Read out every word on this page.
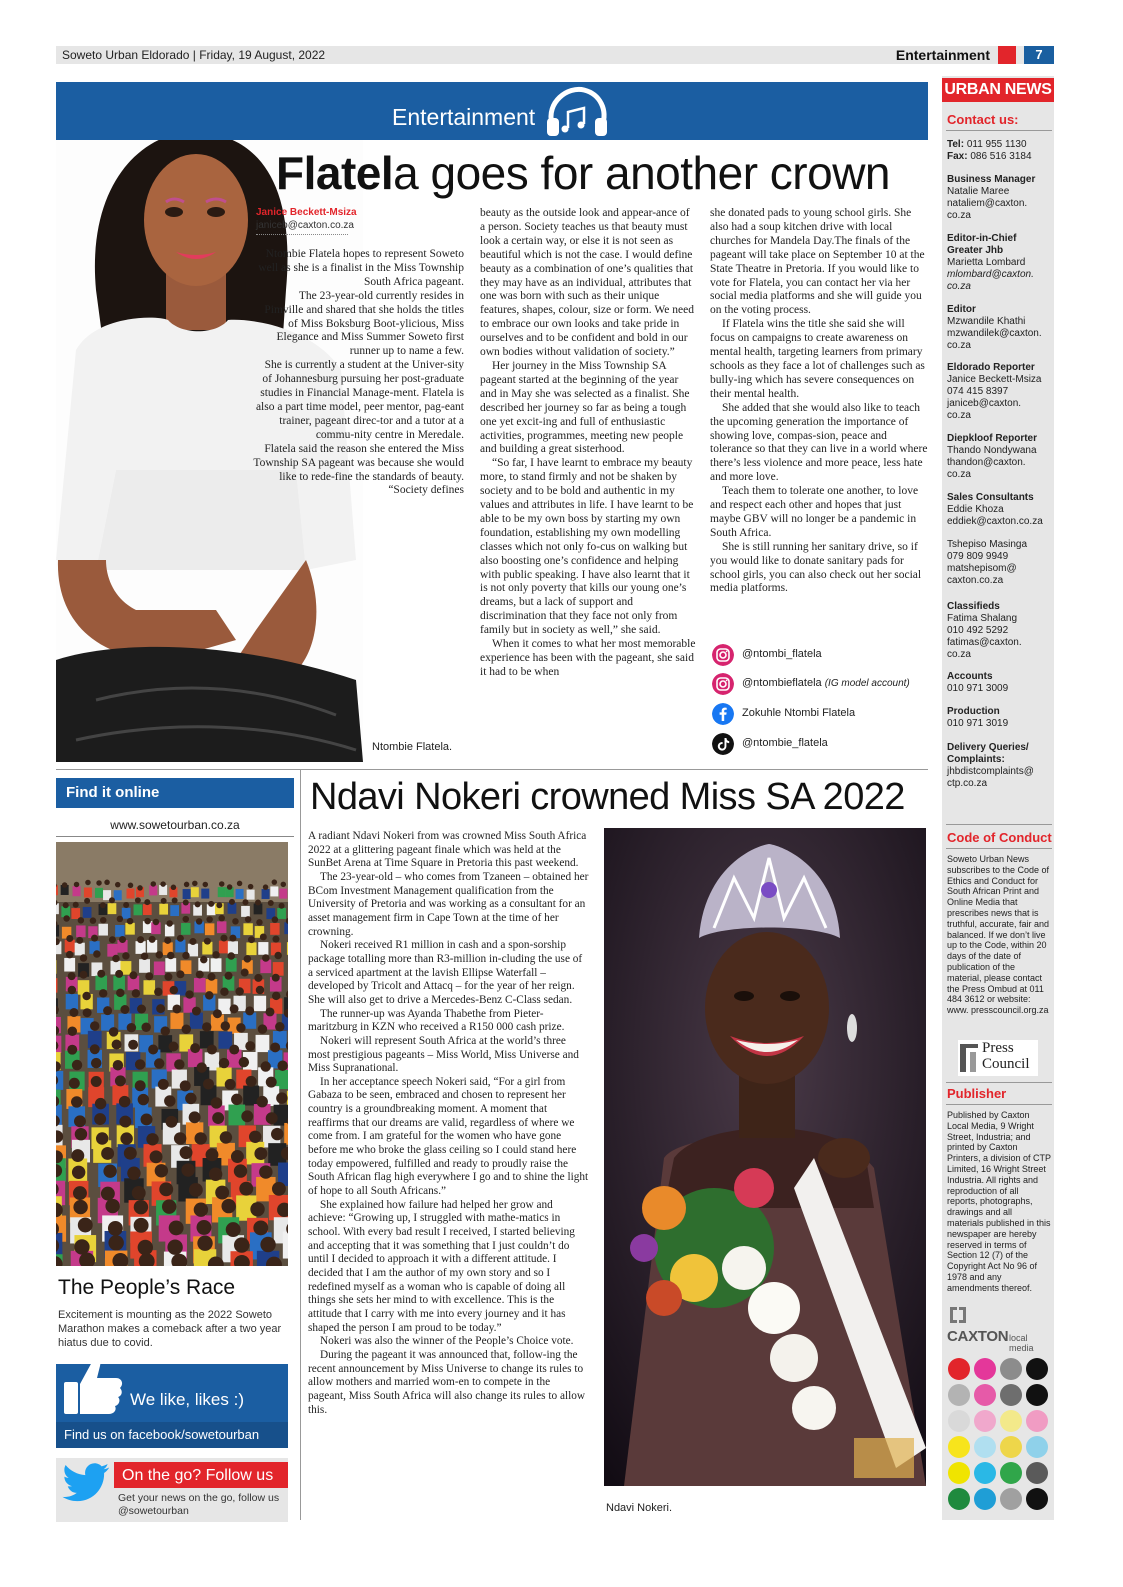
Soweto Urban Eldorado | Friday, 19 August, 2022	Entertainment	7
Entertainment
Flatela goes for another crown
Janice Beckett-Msiza
janiceb@caxton.co.za

Ntombie Flatela hopes to represent Soweto well as she is a finalist in the Miss Township South Africa pageant.

The 23-year-old currently resides in Pimville and shared that she holds the titles of Miss Boksburg Boot-ylicious, Miss Elegance and Miss Summer Soweto first runner up to name a few.

She is currently a student at the Univer-sity of Johannesburg pursuing her post-graduate studies in Financial Manage-ment. Flatela is also a part time model, peer mentor, pag-eant trainer, pageant direc-tor and a tutor at a commu-nity centre in Meredale.

Flatela said the reason she entered the Miss Township SA pageant was because she would like to rede-fine the standards of beauty.

“Society defines

beauty as the outside look and appear-ance of a person. Society teaches us that beauty must look a certain way, or else it is not seen as beautiful which is not the case. I would define beauty as a combination of one’s qualities that they may have as an individual, attributes that one was born with such as their unique features, shapes, colour, size or form. We need to embrace our own looks and take pride in ourselves and to be confident and bold in our own bodies without validation of society.”

Her journey in the Miss Township SA pageant started at the beginning of the year and in May she was selected as a finalist. She described her journey so far as being a tough one yet excit-ing and full of enthusiastic activities, programmes, meeting new people and building a great sisterhood.

“So far, I have learnt to embrace my beauty more, to stand firmly and not be shaken by society and to be bold and authentic in my values and attributes in life. I have learnt to be able to be my own boss by starting my own foundation, establishing my own modelling classes which not only fo-cus on walking but also boosting one’s confidence and helping with public speaking. I have also learnt that it is not only poverty that kills our young one’s dreams, but a lack of support and discrimination that they face not only from family but in society as well,” she said.

When it comes to what her most memorable experience has been with the pageant, she said it had to be when

she donated pads to young school girls. She also had a soup kitchen drive with local churches for Mandela Day.The finals of the pageant will take place on September 10 at the State Theatre in Pretoria. If you would like to vote for Flatela, you can contact her via her social media platforms and she will guide you on the voting process.

If Flatela wins the title she said she will focus on campaigns to create awareness on mental health, targeting learners from primary schools as they face a lot of challenges such as bully-ing which has severe consequences on their mental health.

She added that she would also like to teach the upcoming generation the importance of showing love, compas-sion, peace and tolerance so that they can live in a world where there’s less violence and more peace, less hate and more love.

Teach them to tolerate one another, to love and respect each other and hopes that just maybe GBV will no longer be a pandemic in South Africa.

She is still running her sanitary drive, so if you would like to donate sanitary pads for school girls, you can also check out her social media platforms.

@ntombi_flatela
@ntombieflatela (IG model account)
Zokuhle Ntombi Flatela
@ntombie_flatela
Ntombie Flatela.
Find it online
www.sowetourban.co.za
The People’s Race
Excitement is mounting as the 2022 Soweto Marathon makes a comeback after a two year hiatus due to covid.
We like, likes :)
Find us on facebook/sowetourban
On the go? Follow us
Get your news on the go, follow us @sowetourban
Ndavi Nokeri crowned Miss SA 2022

A radiant Ndavi Nokeri from was crowned Miss South Africa 2022 at a glittering pageant finale which was held at the SunBet Arena at Time Square in Pretoria this past weekend.

The 23-year-old – who comes from Tzaneen – obtained her BCom Investment Management qualification from the University of Pretoria and was working as a consultant for an asset management firm in Cape Town at the time of her crowning.

Nokeri received R1 million in cash and a spon-sorship package totalling more than R3-million in-cluding the use of a serviced apartment at the lavish Ellipse Waterfall – developed by Tricolt and Attacq – for the year of her reign. She will also get to drive a Mercedes-Benz C-Class sedan.

The runner-up was Ayanda Thabethe from Pieter-maritzburg in KZN who received a R150 000 cash prize.

Nokeri will represent South Africa at the world’s three most prestigious pageants – Miss World, Miss Universe and Miss Supranational.

In her acceptance speech Nokeri said, “For a girl from Gabaza to be seen, embraced and chosen to represent her country is a groundbreaking moment. A moment that reaffirms that our dreams are valid, regardless of where we come from. I am grateful for the women who have gone before me who broke the glass ceiling so I could stand here today empowered, fulfilled and ready to proudly raise the South African flag high everywhere I go and to shine the light of hope to all South Africans.”

She explained how failure had helped her grow and achieve: “Growing up, I struggled with mathe-matics in school. With every bad result I received, I started believing and accepting that it was something that I just couldn’t do until I decided to approach it with a different attitude. I decided that I am the author of my own story and so I redefined myself as a woman who is capable of doing all things she sets her mind to with excellence. This is the attitude that I carry with me into every journey and it has shaped the person I am proud to be today.”

Nokeri was also the winner of the People’s Choice vote.

During the pageant it was announced that, follow-ing the recent announcement by Miss Universe to change its rules to allow mothers and married wom-en to compete in the pageant, Miss South Africa will also change its rules to allow this.

Ndavi Nokeri.
URBAN NEWS
Contact us:
Tel: 011 955 1130
Fax: 086 516 3184
Business Manager
Natalie Maree
nataliem@caxton.
co.za
Editor-in-Chief Greater Jhb
Marietta Lombard
mlombard@caxton.
co.za
Editor
Mzwandile Khathi
mzwandilek@caxton.
co.za
Eldorado Reporter
Janice Beckett-Msiza
074 415 8397
janiceb@caxton.
co.za
Diepkloof Reporter
Thando Nondywana
thandon@caxton.
co.za
Sales Consultants
Eddie Khoza
eddiek@caxton.co.za
Tshepiso Masinga
079 809 9949
matshepisom@
caxton.co.za
Classifieds
Fatima Shalang
010 492 5292
fatimas@caxton.
co.za
Accounts
010 971 3009
Production
010 971 3019
Delivery Queries/ Complaints:
jhbdistcomplaints@
ctp.co.za
Code of Conduct
Soweto Urban News subscribes to the Code of Ethics and Conduct for South African Print and Online Media that prescribes news that is truthful, accurate, fair and balanced. If we don’t live up to the Code, within 20 days of the date of publication of the material, please contact the Press Ombud at 011 484 3612 or website: www. presscouncil.org.za
Press
Council
Publisher
Published by Caxton Local Media, 9 Wright Street, Industria; and printed by Caxton Printers, a division of CTP Limited, 16 Wright Street Industria. All rights and reproduction of all reports, photographs, drawings and all materials published in this newspaper are hereby reserved in terms of Section 12 (7) of the Copyright Act No 96 of 1978 and any amendments thereof.
CAXTON local media
